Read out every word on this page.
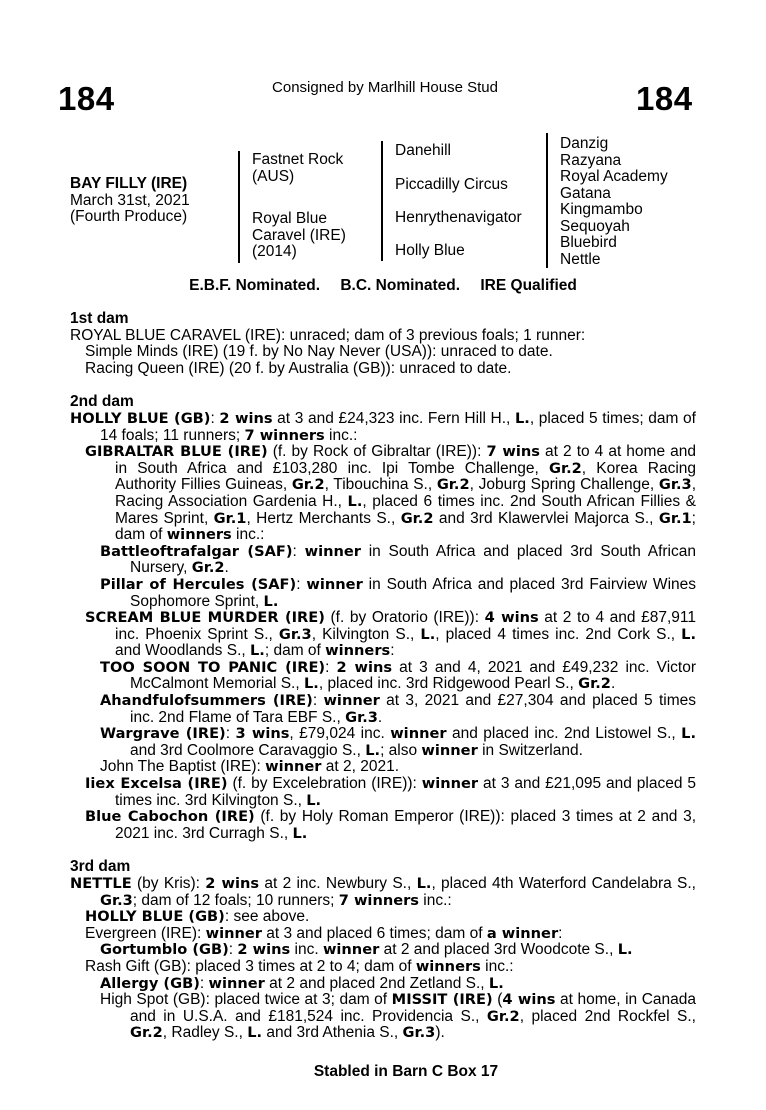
184	Consigned by Marlhill House Stud	184
BAY FILLY (IRE)
March 31st, 2021
(Fourth Produce)
Fastnet Rock
(AUS)
Royal Blue
Caravel (IRE)
(2014)
Danehill
Piccadilly Circus
Henrythenavigator
Holly Blue
Danzig
Razyana
Royal Academy
Gatana
Kingmambo
Sequoyah
Bluebird
Nettle
E.B.F. Nominated. B.C. Nominated. IRE Qualified
1st dam
ROYAL BLUE CARAVEL (IRE): unraced; dam of 3 previous foals; 1 runner:
Simple Minds (IRE) (19 f. by No Nay Never (USA)): unraced to date.
Racing Queen (IRE) (20 f. by Australia (GB)): unraced to date.
2nd dam
HOLLY BLUE (GB): 2 wins at 3 and £24,323 inc. Fern Hill H., L., placed 5 times; dam of 14 foals; 11 runners; 7 winners inc.:
GIBRALTAR BLUE (IRE) (f. by Rock of Gibraltar (IRE)): 7 wins at 2 to 4 at home and in South Africa and £103,280 inc. Ipi Tombe Challenge, Gr.2, Korea Racing Authority Fillies Guineas, Gr.2, Tibouchina S., Gr.2, Joburg Spring Challenge, Gr.3, Racing Association Gardenia H., L., placed 6 times inc. 2nd South African Fillies & Mares Sprint, Gr.1, Hertz Merchants S., Gr.2 and 3rd Klawervlei Majorca S., Gr.1; dam of winners inc.:
Battleoftrafalgar (SAF): winner in South Africa and placed 3rd South African Nursery, Gr.2.
Pillar of Hercules (SAF): winner in South Africa and placed 3rd Fairview Wines Sophomore Sprint, L.
SCREAM BLUE MURDER (IRE) (f. by Oratorio (IRE)): 4 wins at 2 to 4 and £87,911 inc. Phoenix Sprint S., Gr.3, Kilvington S., L., placed 4 times inc. 2nd Cork S., L. and Woodlands S., L.; dam of winners:
TOO SOON TO PANIC (IRE): 2 wins at 3 and 4, 2021 and £49,232 inc. Victor McCalmont Memorial S., L., placed inc. 3rd Ridgewood Pearl S., Gr.2.
Ahandfulofsummers (IRE): winner at 3, 2021 and £27,304 and placed 5 times inc. 2nd Flame of Tara EBF S., Gr.3.
Wargrave (IRE): 3 wins, £79,024 inc. winner and placed inc. 2nd Listowel S., L. and 3rd Coolmore Caravaggio S., L.; also winner in Switzerland.
John The Baptist (IRE): winner at 2, 2021.
Iiex Excelsa (IRE) (f. by Excelebration (IRE)): winner at 3 and £21,095 and placed 5 times inc. 3rd Kilvington S., L.
Blue Cabochon (IRE) (f. by Holy Roman Emperor (IRE)): placed 3 times at 2 and 3, 2021 inc. 3rd Curragh S., L.
3rd dam
NETTLE (by Kris): 2 wins at 2 inc. Newbury S., L., placed 4th Waterford Candelabra S., Gr.3; dam of 12 foals; 10 runners; 7 winners inc.:
HOLLY BLUE (GB): see above.
Evergreen (IRE): winner at 3 and placed 6 times; dam of a winner:
Gortumblo (GB): 2 wins inc. winner at 2 and placed 3rd Woodcote S., L.
Rash Gift (GB): placed 3 times at 2 to 4; dam of winners inc.:
Allergy (GB): winner at 2 and placed 2nd Zetland S., L.
High Spot (GB): placed twice at 3; dam of MISSIT (IRE) (4 wins at home, in Canada and in U.S.A. and £181,524 inc. Providencia S., Gr.2, placed 2nd Rockfel S., Gr.2, Radley S., L. and 3rd Athenia S., Gr.3).
Stabled in Barn C Box 17
